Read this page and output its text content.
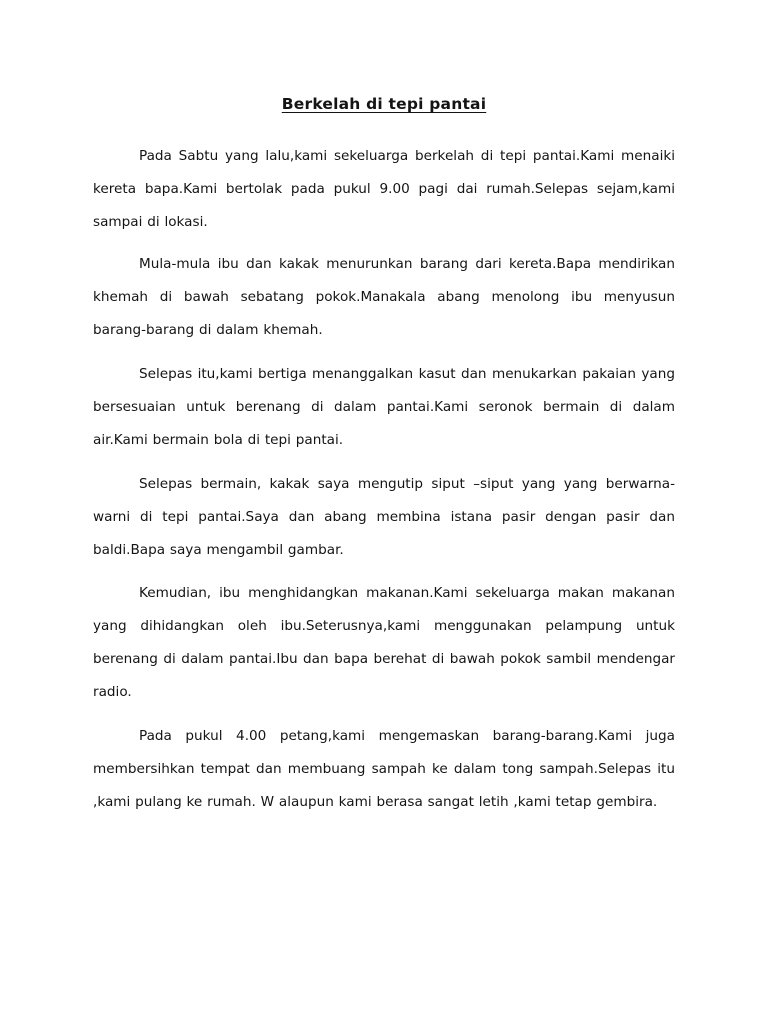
Berkelah di tepi pantai

Pada Sabtu yang lalu,kami sekeluarga berkelah di tepi pantai.Kami menaiki kereta bapa.Kami bertolak pada pukul 9.00 pagi dai rumah.Selepas sejam,kami sampai di lokasi.

Mula-mula ibu dan kakak menurunkan barang dari kereta.Bapa mendirikan khemah di bawah sebatang pokok.Manakala abang menolong ibu menyusun barang-barang di dalam khemah.

Selepas itu,kami bertiga menanggalkan kasut dan menukarkan pakaian yang bersesuaian untuk berenang di dalam pantai.Kami seronok bermain di dalam air.Kami bermain bola di tepi pantai.

Selepas bermain, kakak saya mengutip siput –siput yang yang berwarna-warni di tepi pantai.Saya dan abang membina istana pasir dengan pasir dan baldi.Bapa saya mengambil gambar.

Kemudian, ibu menghidangkan makanan.Kami sekeluarga makan makanan yang dihidangkan oleh ibu.Seterusnya,kami menggunakan pelampung untuk berenang di dalam pantai.Ibu dan bapa berehat di bawah pokok sambil mendengar radio.

Pada pukul 4.00 petang,kami mengemaskan barang-barang.Kami juga membersihkan tempat dan membuang sampah ke dalam tong sampah.Selepas itu ,kami pulang ke rumah. W alaupun kami berasa sangat letih ,kami tetap gembira.
